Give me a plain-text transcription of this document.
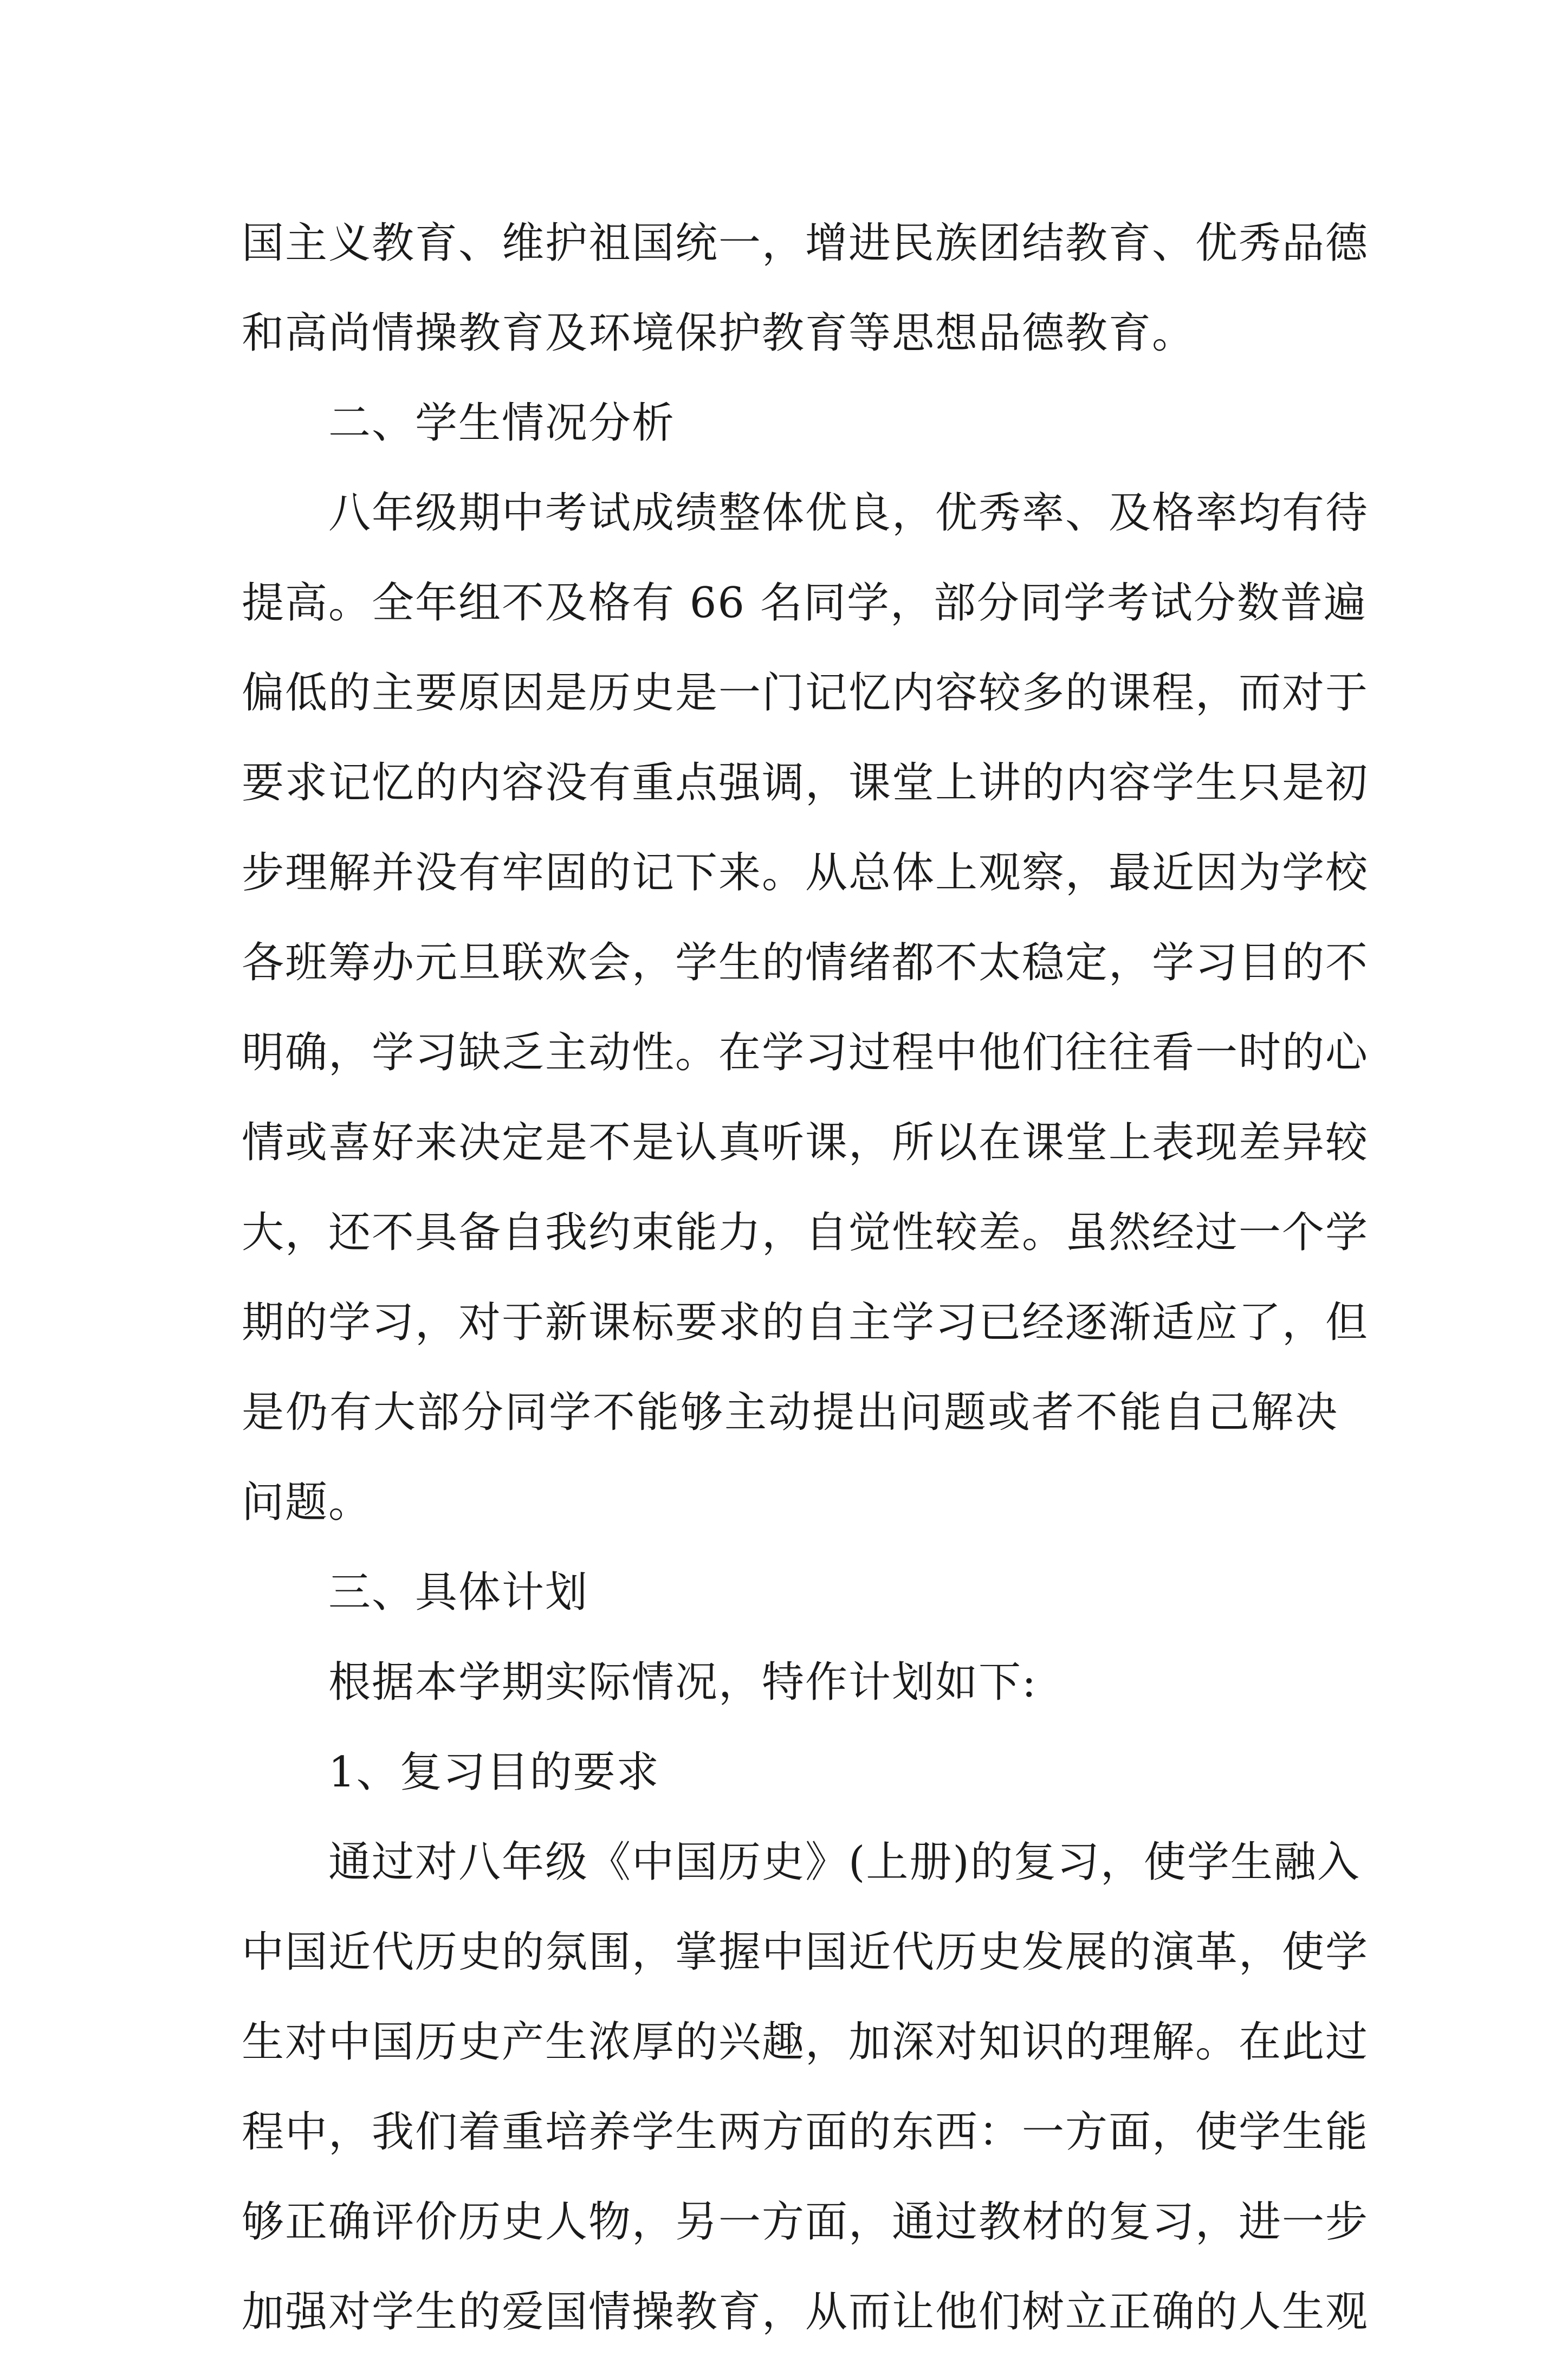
国主义教育、维护祖国统一，增进民族团结教育、优秀品德
和高尚情操教育及环境保护教育等思想品德教育。
二、学生情况分析
八年级期中考试成绩整体优良，优秀率、及格率均有待
提高。全年组不及格有 66 名同学，部分同学考试分数普遍
偏低的主要原因是历史是一门记忆内容较多的课程，而对于
要求记忆的内容没有重点强调，课堂上讲的内容学生只是初
步理解并没有牢固的记下来。从总体上观察，最近因为学校
各班筹办元旦联欢会，学生的情绪都不太稳定，学习目的不
明确，学习缺乏主动性。在学习过程中他们往往看一时的心
情或喜好来决定是不是认真听课，所以在课堂上表现差异较
大，还不具备自我约束能力，自觉性较差。虽然经过一个学
期的学习，对于新课标要求的自主学习已经逐渐适应了，但
是仍有大部分同学不能够主动提出问题或者不能自己解决
问题。
三、具体计划
根据本学期实际情况，特作计划如下:
1、复习目的要求
通过对八年级《中国历史》(上册)的复习，使学生融入
中国近代历史的氛围，掌握中国近代历史发展的演革，使学
生对中国历史产生浓厚的兴趣，加深对知识的理解。在此过
程中，我们着重培养学生两方面的东西：一方面，使学生能
够正确评价历史人物，另一方面，通过教材的复习，进一步
加强对学生的爱国情操教育，从而让他们树立正确的人生观
